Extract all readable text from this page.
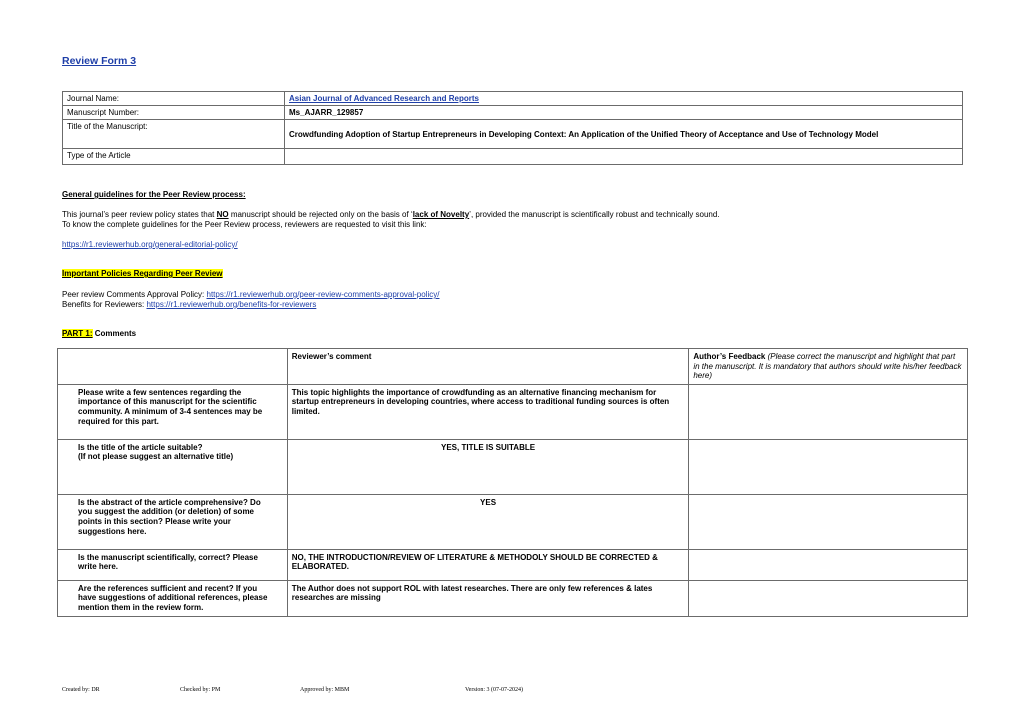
Review Form 3
Journal Name:	Asian Journal of Advanced Research and Reports
Manuscript Number:	Ms_AJARR_129857
Title of the Manuscript:	Crowdfunding Adoption of Startup Entrepreneurs in Developing Context: An Application of the Unified Theory of Acceptance and Use of Technology Model
Type of the Article	
General guidelines for the Peer Review process:
This journal’s peer review policy states that NO manuscript should be rejected only on the basis of ‘lack of Novelty’, provided the manuscript is scientifically robust and technically sound.
To know the complete guidelines for the Peer Review process, reviewers are requested to visit this link:
https://r1.reviewerhub.org/general-editorial-policy/
Important Policies Regarding Peer Review
Peer review Comments Approval Policy: https://r1.reviewerhub.org/peer-review-comments-approval-policy/
Benefits for Reviewers: https://r1.reviewerhub.org/benefits-for-reviewers
PART 1: Comments
	Reviewer’s comment	Author’s Feedback (Please correct the manuscript and highlight that part in the manuscript. It is mandatory that authors should write his/her feedback here)
Please write a few sentences regarding the importance of this manuscript for the scientific community. A minimum of 3-4 sentences may be required for this part.	This topic highlights the importance of crowdfunding as an alternative financing mechanism for startup entrepreneurs in developing countries, where access to traditional funding sources is often limited.	

Is the title of the article suitable?
(If not please suggest an alternative title)	YES, TITLE IS SUITABLE	
Is the abstract of the article comprehensive? Do you suggest the addition (or deletion) of some points in this section? Please write your suggestions here.	YES	
Is the manuscript scientifically, correct? Please write here.	NO, THE INTRODUCTION/REVIEW OF LITERATURE & METHODOLY SHOULD BE CORRECTED & ELABORATED.	
Are the references sufficient and recent? If you have suggestions of additional references, please mention them in the review form.	The Author does not support ROL with latest researches. There are only few references & lates researches are missing	
Created by: DR	Checked by: PM	Approved by: MBM	Version: 3 (07-07-2024)
